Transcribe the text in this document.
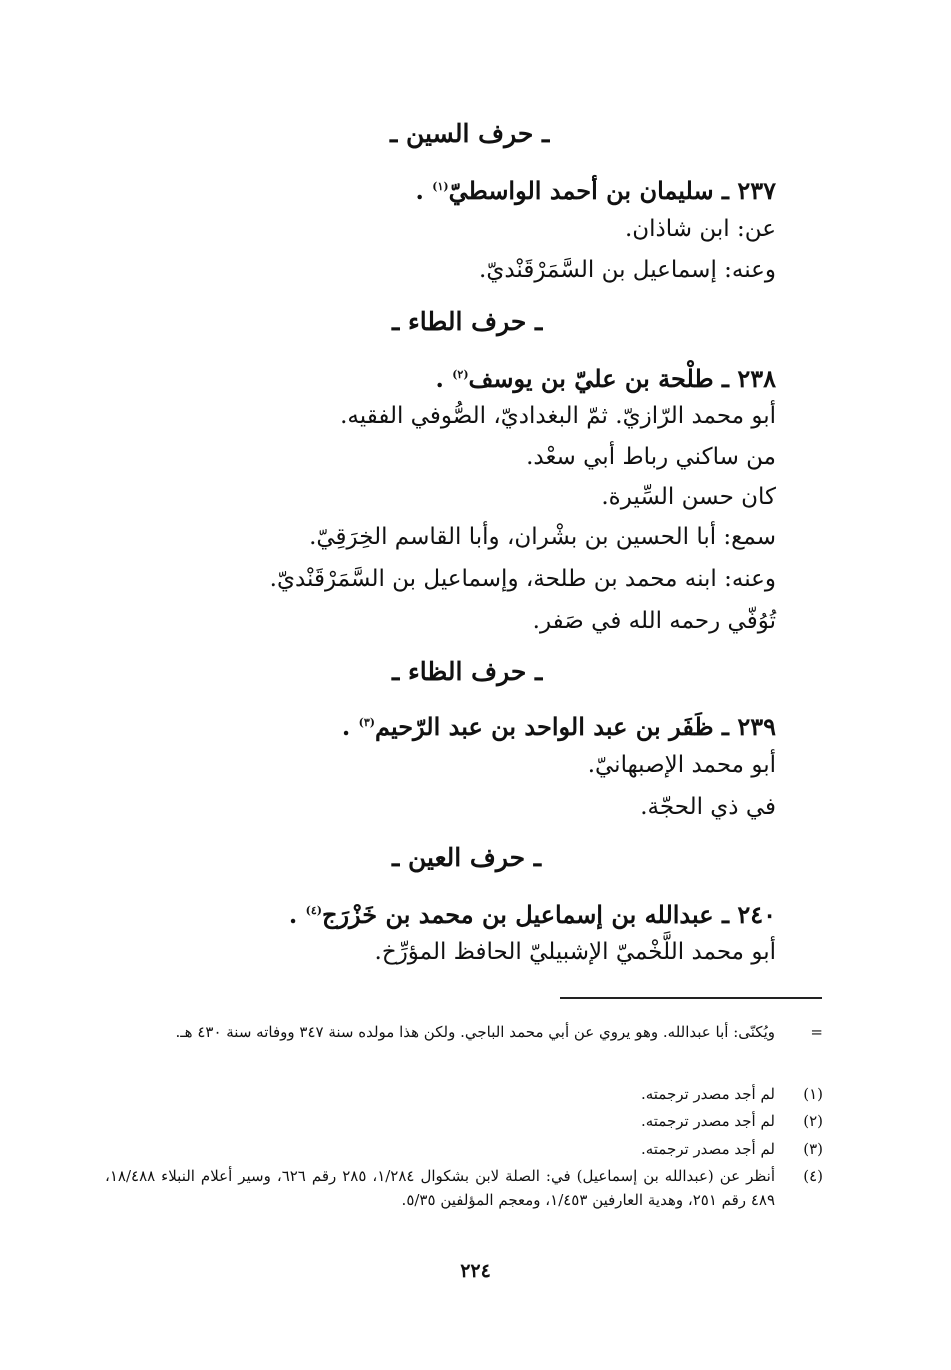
ـ حرف السين ـ
٢٣٧ ـ سليمان بن أحمد الواسطيّ$^{(١)}$ .
عن: ابن شاذان.
وعنه: إسماعيل بن السَّمَرْقَنْديّ.
ـ حرف الطاء ـ
٢٣٨ ـ طلْحة بن عليّ بن يوسف$^{(٢)}$ .
أبو محمد الرّازيّ. ثمّ البغداديّ، الصُّوفي الفقيه.
من ساكني رباط أبي سعْد.
كان حسن السِّيرة.
سمع: أبا الحسين بن بشْران، وأبا القاسم الخِرَقِيّ.
وعنه: ابنه محمد بن طلحة، وإسماعيل بن السَّمَرْقَنْديّ.
تُوُفّي رحمه الله في صَفر.
ـ حرف الظاء ـ
٢٣٩ ـ ظَفَر بن عبد الواحد بن عبد الرّحيم$^{(٣)}$ .
أبو محمد الإصبهانيّ.
في ذي الحجّة.
ـ حرف العين ـ
٢٤٠ ـ عبدالله بن إسماعيل بن محمد بن خَزْرَج$^{(٤)}$ .
أبو محمد اللَّخْميّ الإشبيليّ الحافظ المؤرِّخ.
=
ويُكنّى: أبا عبدالله. وهو يروي عن أبي محمد الباجي. ولكن هذا مولده سنة ٣٤٧ ووفاته سنة ٤٣٠ هـ.
(١)
لم أجد مصدر ترجمته.
(٢)
لم أجد مصدر ترجمته.
(٣)
لم أجد مصدر ترجمته.
(٤)
أنظر عن (عبدالله بن إسماعيل) في: الصلة لابن بشكوال ١/٢٨٤، ٢٨٥ رقم ٦٢٦، وسير أعلام النبلاء ١٨/٤٨٨، ٤٨٩ رقم ٢٥١، وهدية العارفين ١/٤٥٣، ومعجم المؤلفين ٥/٣٥.
٢٢٤
